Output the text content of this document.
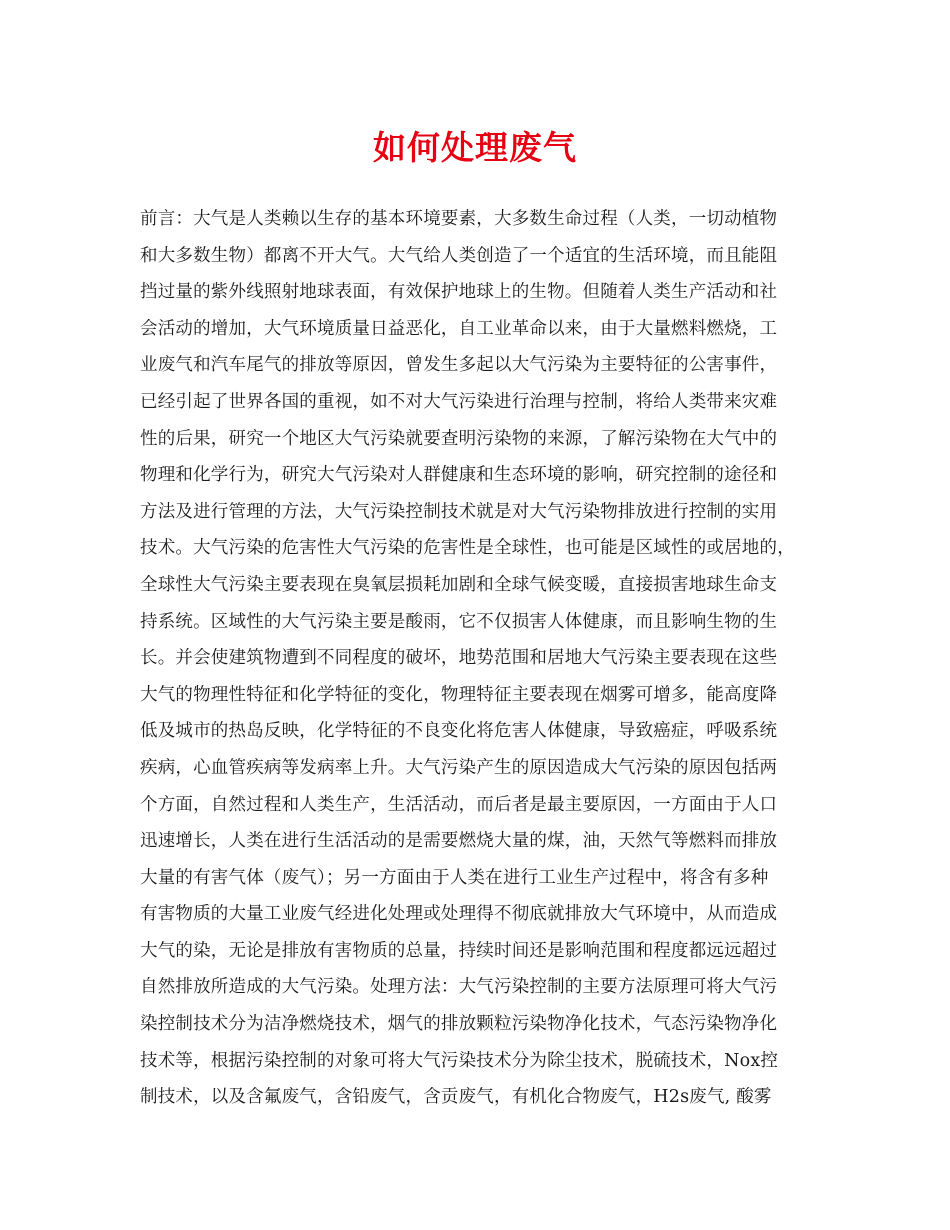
如何处理废气
前言：大气是人类赖以生存的基本环境要素，大多数生命过程（人类，一切动植物
和大多数生物）都离不开大气。大气给人类创造了一个适宜的生活环境，而且能阻
挡过量的紫外线照射地球表面，有效保护地球上的生物。但随着人类生产活动和社
会活动的增加，大气环境质量日益恶化，自工业革命以来，由于大量燃料燃烧，工
业废气和汽车尾气的排放等原因，曾发生多起以大气污染为主要特征的公害事件，
已经引起了世界各国的重视，如不对大气污染进行治理与控制，将给人类带来灾难
性的后果，研究一个地区大气污染就要查明污染物的来源，了解污染物在大气中的
物理和化学行为，研究大气污染对人群健康和生态环境的影响，研究控制的途径和
方法及进行管理的方法，大气污染控制技术就是对大气污染物排放进行控制的实用
技术。大气污染的危害性大气污染的危害性是全球性，也可能是区域性的或居地的，
全球性大气污染主要表现在臭氧层损耗加剧和全球气候变暖，直接损害地球生命支
持系统。区域性的大气污染主要是酸雨，它不仅损害人体健康，而且影响生物的生
长。并会使建筑物遭到不同程度的破坏，地势范围和居地大气污染主要表现在这些
大气的物理性特征和化学特征的变化，物理特征主要表现在烟雾可增多，能高度降
低及城市的热岛反映，化学特征的不良变化将危害人体健康，导致癌症，呼吸系统
疾病，心血管疾病等发病率上升。大气污染产生的原因造成大气污染的原因包括两
个方面，自然过程和人类生产，生活活动，而后者是最主要原因，一方面由于人口
迅速增长，人类在进行生活活动的是需要燃烧大量的煤，油，天然气等燃料而排放
大量的有害气体（废气）；另一方面由于人类在进行工业生产过程中，将含有多种
有害物质的大量工业废气经进化处理或处理得不彻底就排放大气环境中，从而造成
大气的染，无论是排放有害物质的总量，持续时间还是影响范围和程度都远远超过
自然排放所造成的大气污染。处理方法：大气污染控制的主要方法原理可将大气污
染控制技术分为洁净燃烧技术，烟气的排放颗粒污染物净化技术，气态污染物净化
技术等，根据污染控制的对象可将大气污染技术分为除尘技术，脱硫技术，Nox控
制技术，以及含氟废气，含铅废气，含贡废气，有机化合物废气，H2s废气, 酸雾
